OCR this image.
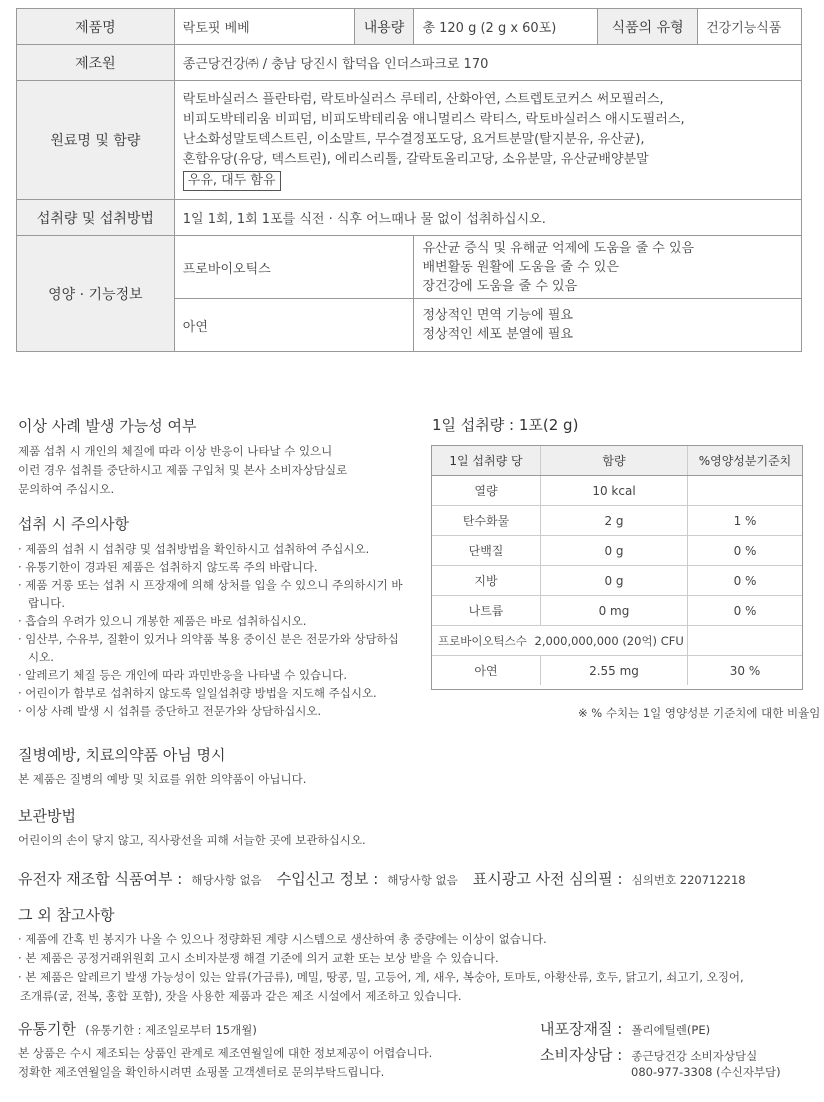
제품명	락토핏 베베	내용량	총 120 g (2 g x 60포)	식품의 유형	건강기능식품
제조원	종근당건강㈜ / 충남 당진시 합덕읍 인더스파크로 170				
원료명 및 함량	락토바실러스 플란타럼, 락토바실러스 루테리, 산화아연, 스트렙토코커스 써모필러스,
비피도박테리움 비피덤, 비피도박테리움 애니멀리스 락티스, 락토바실러스 애시도필러스,
난소화성말토덱스트린, 이소말트, 무수결정포도당, 요거트분말(탈지분유, 유산균),
혼합유당(유당, 덱스트린), 에리스리톨, 갈락토올리고당, 소유분말, 유산균배양분말
우유, 대두 함유				
섭취량 및 섭취방법	1일 1회, 1회 1포를 식전 · 식후 어느때나 물 없이 섭취하십시오.				
영양 · 기능정보	프로바이오틱스		유산균 증식 및 유해균 억제에 도움을 줄 수 있음
배변활동 원활에 도움을 줄 수 있은
장건강에 도움을 줄 수 있음		

	아연		정상적인 면역 기능에 필요
정상적인 세포 분열에 필요		
이상 사례 발생 가능성 여부
제품 섭취 시 개인의 체질에 따라 이상 반응이 나타날 수 있으니
이런 경우 섭취를 중단하시고 제품 구입처 및 본사 소비자상담실로
문의하여 주십시오.
섭취 시 주의사항
· 제품의 섭취 시 섭취량 및 섭취방법을 확인하시고 섭취하여 주십시오.
· 유통기한이 경과된 제품은 섭취하지 않도록 주의 바랍니다.
· 제품 거롱 또는 섭취 시 프장재에 의해 상처를 입을 수 있으니 주의하시기 바랍니다.
· 흡습의 우려가 있으니 개봉한 제품은 바로 섭취하십시오.
· 임산부, 수유부, 질환이 있거나 의약품 복용 중이신 분은 전문가와 상담하십시오.
· 알레르기 체질 등은 개인에 따라 과민반응을 나타낼 수 있습니다.
· 어린이가 함부로 섭취하지 않도록 일일섭취량 방법을 지도해 주십시오.
· 이상 사례 발생 시 섭취를 중단하고 전문가와 상담하십시오.
질병예방, 치료의약품 아님 명시
본 제품은 질병의 예방 및 치료를 위한 의약품이 아닙니다.
보관방법
어린이의 손이 닿지 않고, 직사광선을 피해 서늘한 곳에 보관하십시오.
유전자 재조합 식품여부 : 해당사항 없음 수입신고 정보 : 해당사항 없음 표시광고 사전 심의필 : 심의번호 220712218
그 외 참고사항
· 제품에 간혹 빈 봉지가 나올 수 있으나 정량화된 계량 시스템으로 생산하여 총 중량에는 이상이 없습니다.
· 본 제품은 공정거래위원회 고시 소비자분쟁 해결 기준에 의거 교환 또는 보상 받을 수 있습니다.
· 본 제품은 알레르기 발생 가능성이 있는 알류(가금류), 메밀, 땅콩, 밀, 고등어, 게, 새우, 복숭아, 토마토, 아황산류, 호두, 닭고기, 쇠고기, 오징어,
조개류(굴, 전복, 홍합 포함), 잣을 사용한 제품과 같은 제조 시설에서 제조하고 있습니다.
유통기한 (유통기한 : 제조일로부터 15개월)
본 상품은 수시 제조되는 상품인 관계로 제조연월일에 대한 정보제공이 어렵습니다.
정확한 제조연월일을 확인하시려면 쇼핑몰 고객센터로 문의부탁드립니다.
내포장재질 : 폴리에틸렌(PE)
소비자상담 : 종근당건강 소비자상담실
080-977-3308 (수신자부담)
1일 섭취량 : 1포(2 g)
1일 섭취량 당	함량	%영양성분기준치
열량	10 kcal	
탄수화물	2 g	1 %
단백질	0 g	0 %
지방	0 g	0 %
나트륨	0 mg	0 %
프로바이오틱스수 2,000,000,000 (20억) CFU		
아연	2.55 mg	30 %
※ % 수치는 1일 영양성분 기준치에 대한 비율임
